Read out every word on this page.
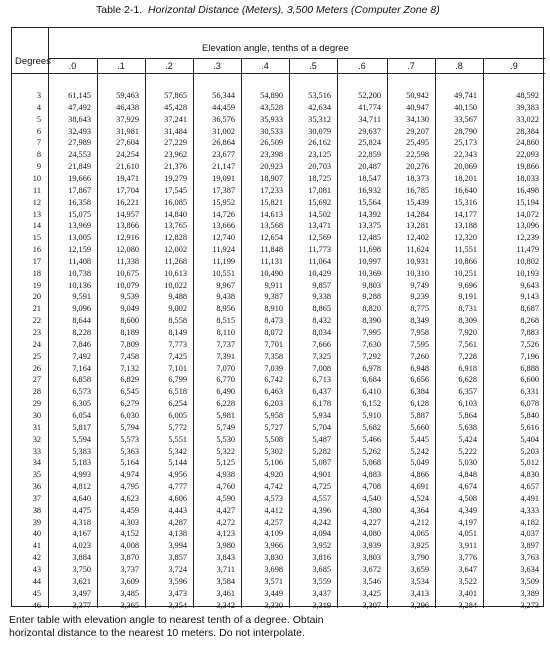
Table 2-1. Horizontal Distance (Meters), 3,500 Meters (Computer Zone 8)
Degrees
Elevation angle, tenths of a degree
.0	.1	.2	.3	.4	.5	.6	.7	.8	.9
3	61,145	59,463	57,865	56,344	54,890	53,516	52,200	50,942	49,741	48,592
4	47,492	46,438	45,428	44,459	43,528	42,634	41,774	40,947	40,150	39,383
5	38,643	37,929	37,241	36,576	35,933	35,312	34,711	34,130	33,567	33,022
6	32,493	31,981	31,484	31,002	30,533	30,079	29,637	29,207	28,790	28,384
7	27,989	27,604	27,229	26,864	26,509	26,162	25,824	25,495	25,173	24,860
8	24,553	24,254	23,962	23,677	23,398	23,125	22,859	22,598	22,343	22,093
9	21,849	21,610	21,376	21,147	20,923	20,703	20,487	20,276	20,069	19,866
10	19,666	19,471	19,279	19,091	18,907	18,725	18,547	18,373	18,201	18,033
11	17,867	17,704	17,545	17,387	17,233	17,081	16,932	16,785	16,640	16,498
12	16,358	16,221	16,085	15,952	15,821	15,692	15,564	15,439	15,316	15,194
13	15,075	14,957	14,840	14,726	14,613	14,502	14,392	14,284	14,177	14,072
14	13,969	13,866	13,765	13,666	13,568	13,471	13,375	13,281	13,188	13,096
15	13,005	12,916	12,828	12,740	12,654	12,569	12,485	12,402	12,320	12,239
16	12,159	12,080	12,002	11,924	11,848	11,773	11,698	11,624	11,551	11,479
17	11,408	11,338	11,268	11,199	11,131	11,064	10,997	10,931	10,866	10,802
18	10,738	10,675	10,613	10,551	10,490	10,429	10,369	10,310	10,251	10,193
19	10,136	10,079	10,022	9,967	9,911	9,857	9,803	9,749	9,696	9,643
20	9,591	9,539	9,488	9,438	9,387	9,338	9,288	9,239	9,191	9,143
21	9,096	9,049	9,002	8,956	8,910	8,865	8,820	8,775	8,731	8,687
22	8,644	8,600	8,558	8,515	8,473	8,432	8,390	8,349	8,309	8,268
23	8,228	8,189	8,149	8,110	8,072	8,034	7,995	7,958	7,920	7,883
24	7,846	7,809	7,773	7,737	7,701	7,666	7,630	7,595	7,561	7,526
25	7,492	7,458	7,425	7,391	7,358	7,325	7,292	7,260	7,228	7,196
26	7,164	7,132	7,101	7,070	7,039	7,008	6,978	6,948	6,918	6,888
27	6,858	6,829	6,799	6,770	6,742	6,713	6,684	6,656	6,628	6,600
28	6,573	6,545	6,518	6,490	6,463	6,437	6,410	6,384	6,357	6,331
29	6,305	6,279	6,254	6,228	6,203	6,178	6,152	6,128	6,103	6,078
30	6,054	6,030	6,005	5,981	5,958	5,934	5,910	5,887	5,864	5,840
31	5,817	5,794	5,772	5,749	5,727	5,704	5,682	5,660	5,638	5,616
32	5,594	5,573	5,551	5,530	5,508	5,487	5,466	5,445	5,424	5,404
33	5,383	5,363	5,342	5,322	5,302	5,282	5,262	5,242	5,222	5,203
34	5,183	5,164	5,144	5,125	5,106	5,087	5,068	5,049	5,030	5,012
35	4,993	4,974	4,956	4,938	4,920	4,901	4,883	4,866	4,848	4,830
36	4,812	4,795	4,777	4,760	4,742	4,725	4,708	4,691	4,674	4,657
37	4,640	4,623	4,606	4,590	4,573	4,557	4,540	4,524	4,508	4,491
38	4,475	4,459	4,443	4,427	4,412	4,396	4,380	4,364	4,349	4,333
39	4,318	4,303	4,287	4,272	4,257	4,242	4,227	4,212	4,197	4,182
40	4,167	4,152	4,138	4,123	4,109	4,094	4,080	4,065	4,051	4,037
41	4,023	4,008	3,994	3,980	3,966	3,952	3,939	3,925	3,911	3,897
42	3,884	3,870	3,857	3,843	3,830	3,816	3,803	3,790	3,776	3,763
43	3,750	3,737	3,724	3,711	3,698	3,685	3,672	3,659	3,647	3,634
44	3,621	3,609	3,596	3,584	3,571	3,559	3,546	3,534	3,522	3,509
45	3,497	3,485	3,473	3,461	3,449	3,437	3,425	3,413	3,401	3,389
46	3,377	3,365	3,354	3,342	3,330	3,319	3,307	3,296	3,284	3,273
Enter table with elevation angle to nearest tenth of a degree. Obtain horizontal distance to the nearest 10 meters. Do not interpolate.
